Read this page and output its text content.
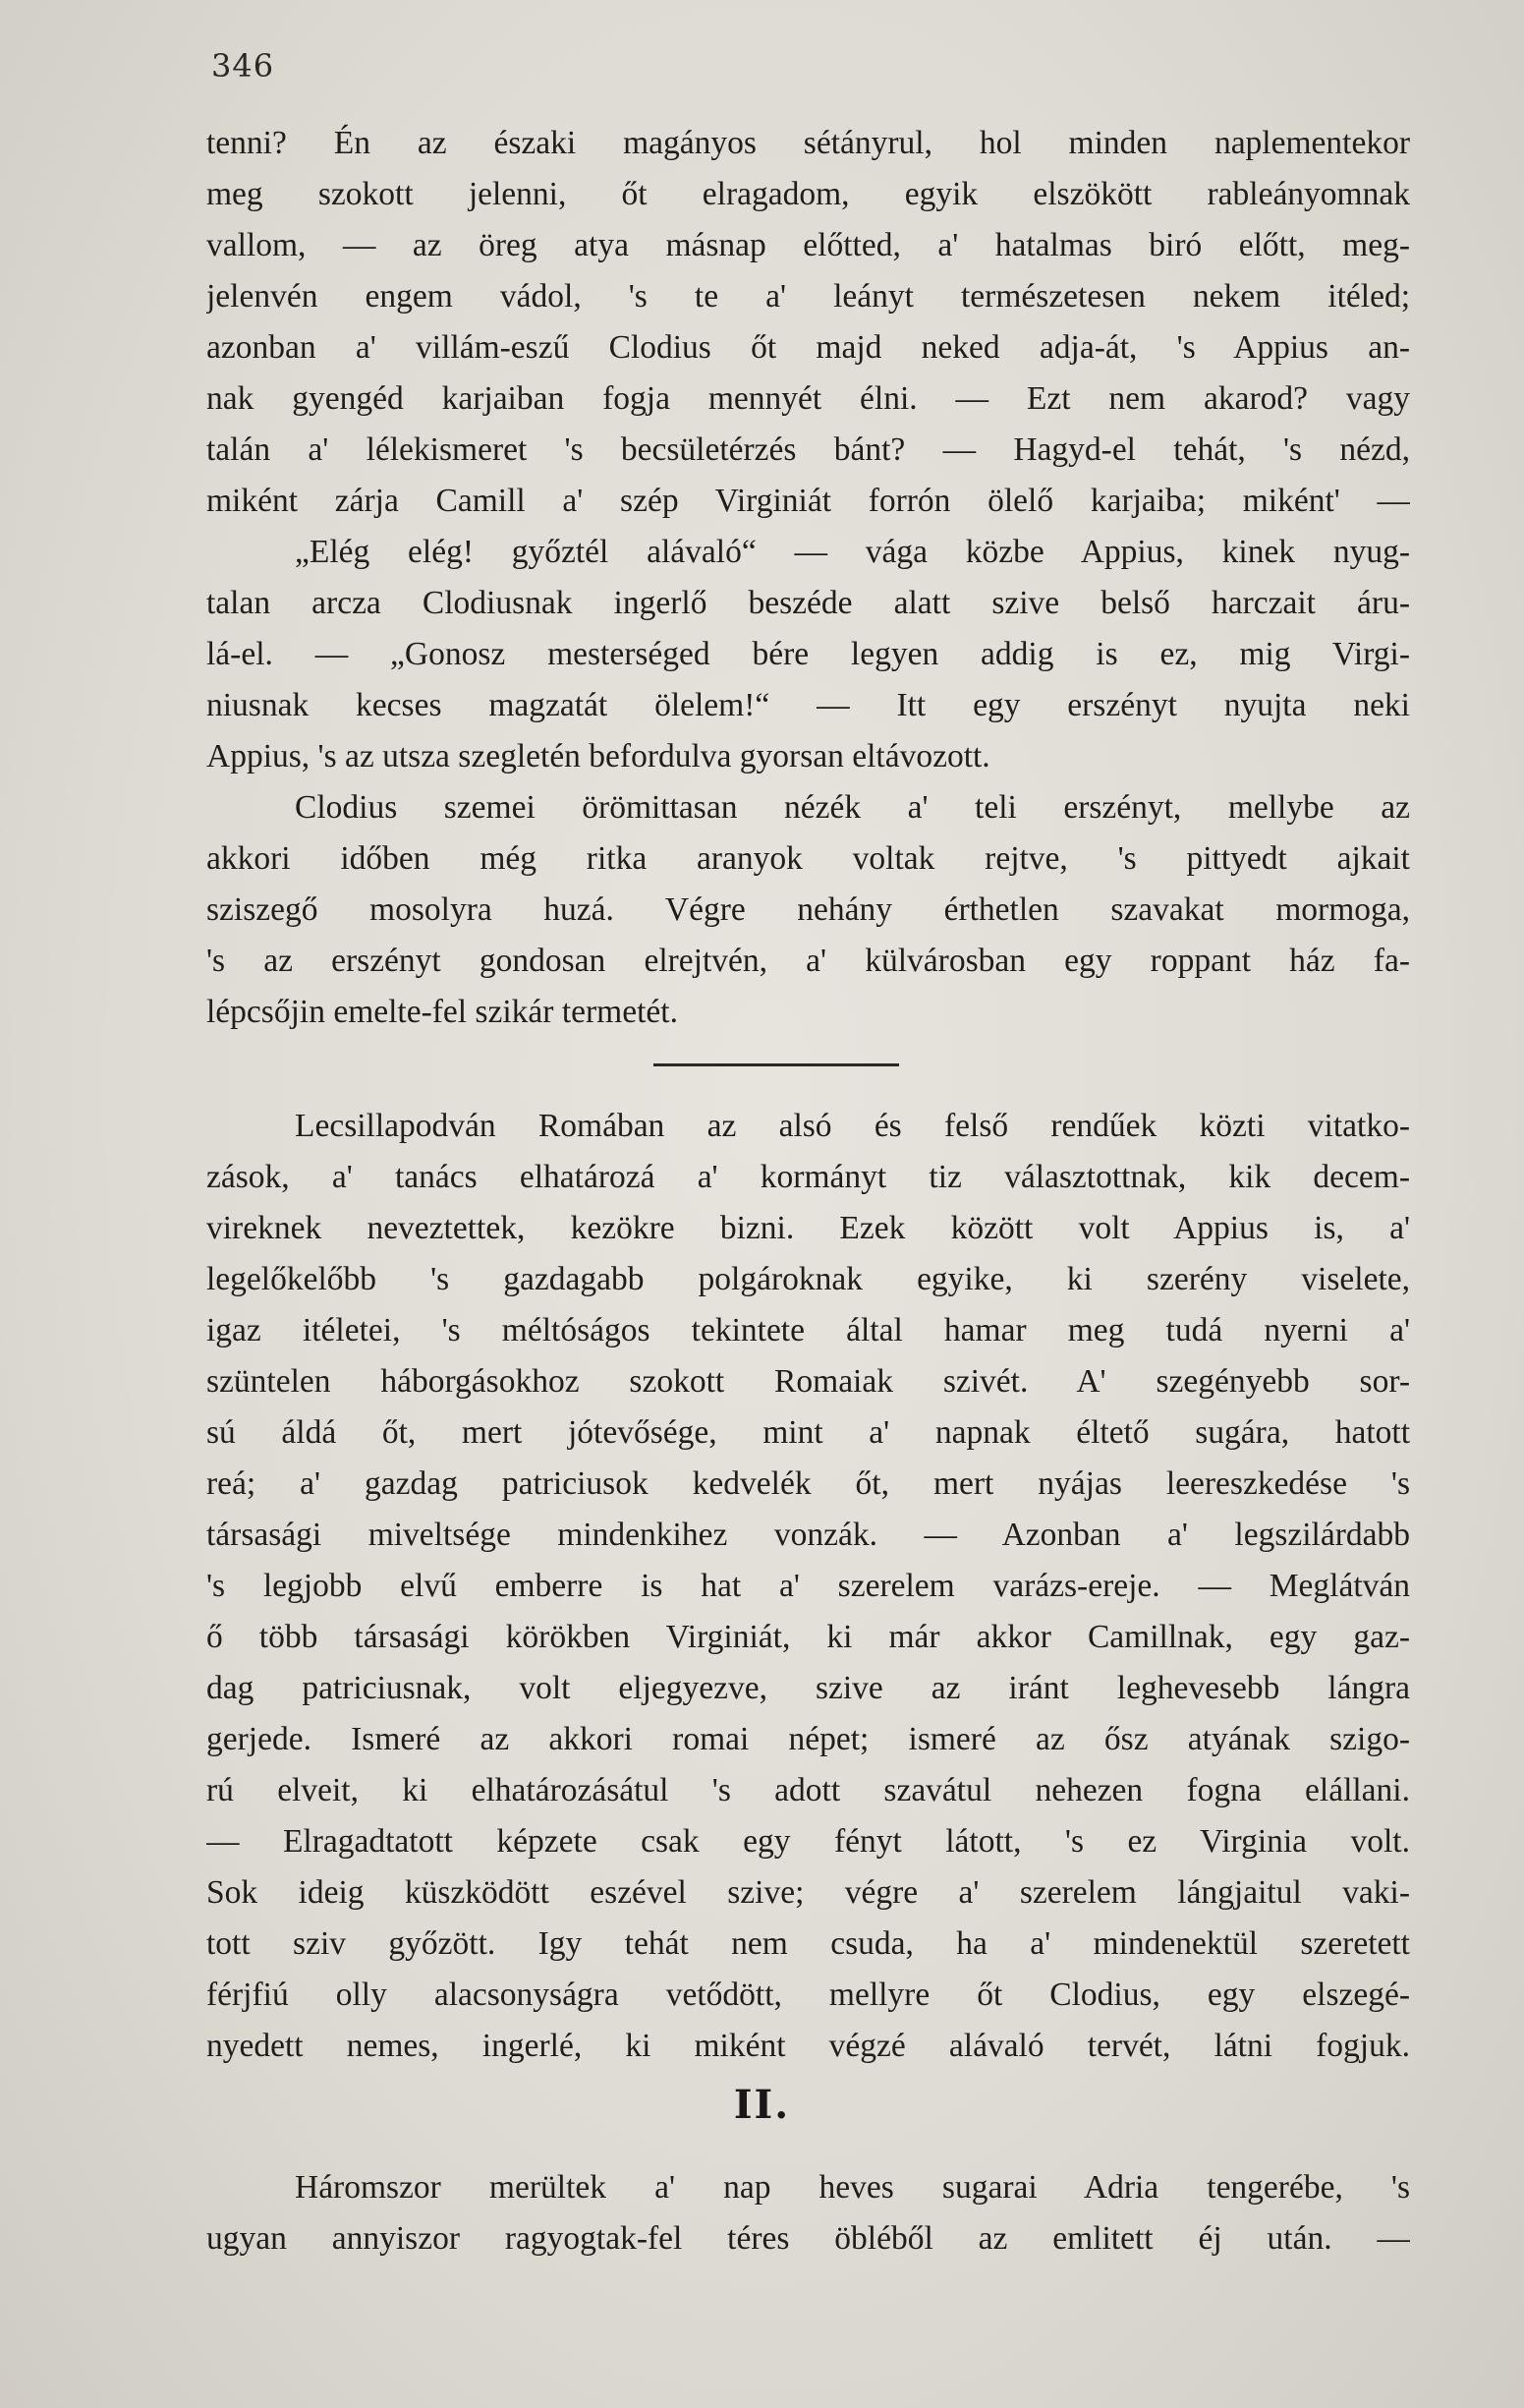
346
tenni? Én az északi magányos sétányrul, hol minden naplementekor
meg szokott jelenni, őt elragadom, egyik elszökött rableányomnak
vallom, — az öreg atya másnap előtted, a' hatalmas biró előtt, meg-
jelenvén engem vádol, 's te a' leányt természetesen nekem itéled;
azonban a' villám-eszű Clodius őt majd neked adja-át, 's Appius an-
nak gyengéd karjaiban fogja mennyét élni. — Ezt nem akarod? vagy
talán a' lélekismeret 's becsületérzés bánt? — Hagyd-el tehát, 's nézd,
miként zárja Camill a' szép Virginiát forrón ölelő karjaiba; miként' —
„Elég elég! győztél alávaló“ — vága közbe Appius, kinek nyug-
talan arcza Clodiusnak ingerlő beszéde alatt szive belső harczait áru-
lá-el. — „Gonosz mesterséged bére legyen addig is ez, mig Virgi-
niusnak kecses magzatát ölelem!“ — Itt egy erszényt nyujta neki
Appius, 's az utsza szegletén befordulva gyorsan eltávozott.
Clodius szemei örömittasan nézék a' teli erszényt, mellybe az
akkori időben még ritka aranyok voltak rejtve, 's pittyedt ajkait
sziszegő mosolyra huzá. Végre nehány érthetlen szavakat mormoga,
's az erszényt gondosan elrejtvén, a' külvárosban egy roppant ház fa-
lépcsőjin emelte-fel szikár termetét.
Lecsillapodván Romában az alsó és felső rendűek közti vitatko-
zások, a' tanács elhatározá a' kormányt tiz választottnak, kik decem-
vireknek neveztettek, kezökre bizni. Ezek között volt Appius is, a'
legelőkelőbb 's gazdagabb polgároknak egyike, ki szerény viselete,
igaz itéletei, 's méltóságos tekintete által hamar meg tudá nyerni a'
szüntelen háborgásokhoz szokott Romaiak szivét. A' szegényebb sor-
sú áldá őt, mert jótevősége, mint a' napnak éltető sugára, hatott
reá; a' gazdag patriciusok kedvelék őt, mert nyájas leereszkedése 's
társasági miveltsége mindenkihez vonzák. — Azonban a' legszilárdabb
's legjobb elvű emberre is hat a' szerelem varázs-ereje. — Meglátván
ő több társasági körökben Virginiát, ki már akkor Camillnak, egy gaz-
dag patriciusnak, volt eljegyezve, szive az iránt leghevesebb lángra
gerjede. Ismeré az akkori romai népet; ismeré az ősz atyának szigo-
rú elveit, ki elhatározásátul 's adott szavátul nehezen fogna elállani.
— Elragadtatott képzete csak egy fényt látott, 's ez Virginia volt.
Sok ideig küszködött eszével szive; végre a' szerelem lángjaitul vaki-
tott sziv győzött. Igy tehát nem csuda, ha a' mindenektül szeretett
férjfiú olly alacsonyságra vetődött, mellyre őt Clodius, egy elszegé-
nyedett nemes, ingerlé, ki miként végzé alávaló tervét, látni fogjuk.
II.
Háromszor merültek a' nap heves sugarai Adria tengerébe, 's
ugyan annyiszor ragyogtak-fel téres öbléből az emlitett éj után. —
